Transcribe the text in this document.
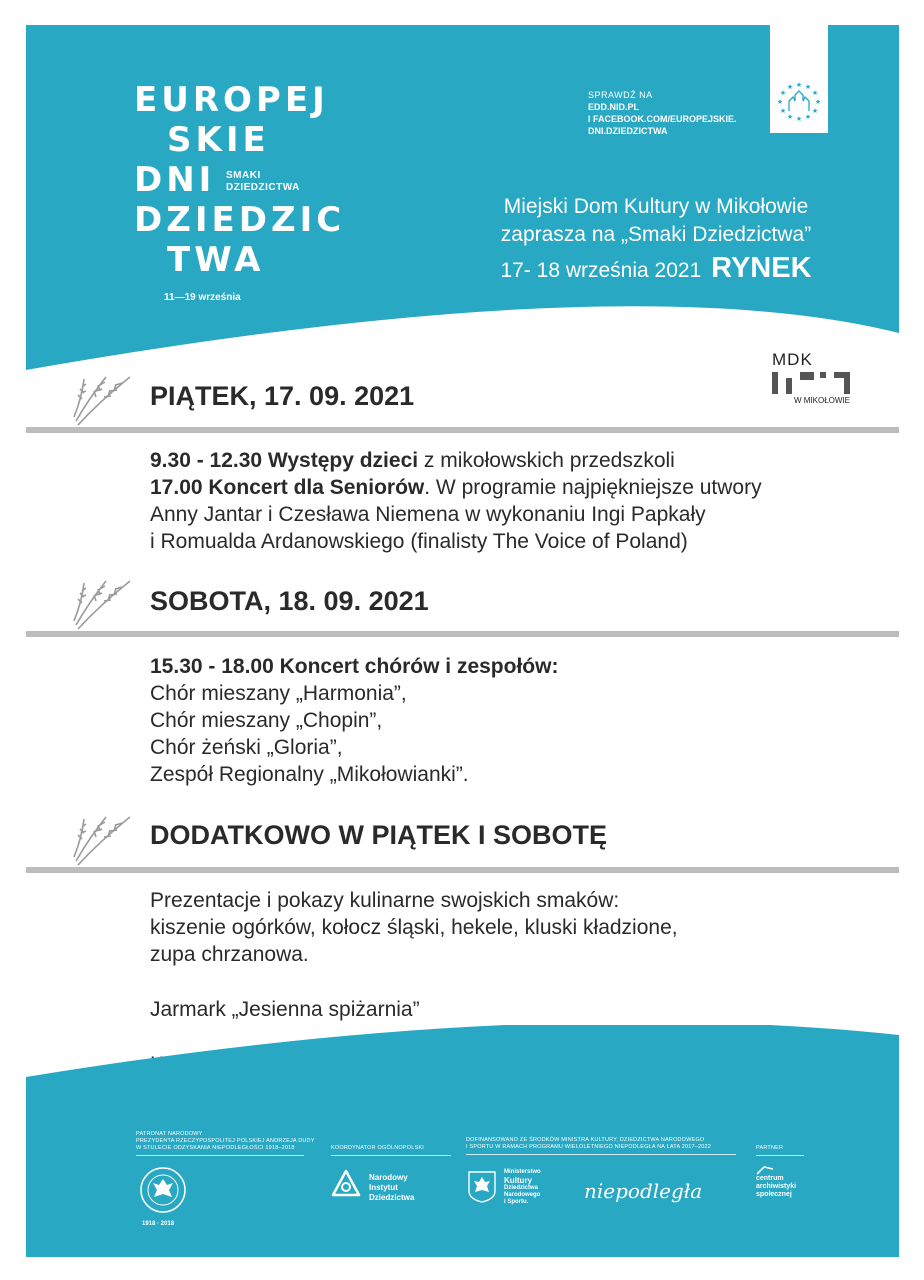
EUROPEJ
SKIE
DNI SMAKI
DZIEDZICTWA
DZIEDZIC
TWA
11—19 września
SPRAWDŹ NA
EDD.NID.PL
I FACEBOOK.COM/EUROPEJSKIE.
DNI.DZIEDZICTWA
★ ★
★
★
★
★
★
★
★
★
★
★
Miejski Dom Kultury w Mikołowie
zaprasza na „Smaki Dziedzictwa”
17- 18 września 2021 RYNEK
MDK
W MIKOŁOWIE
PIĄTEK, 17. 09. 2021

9.30 - 12.30 Występy dzieci z mikołowskich przedszkoli

17.00 Koncert dla Seniorów. W programie najpiękniejsze utwory

Anny Jantar i Czesława Niemena w wykonaniu Ingi Papkały

i Romualda Ardanowskiego (finalisty The Voice of Poland)

SOBOTA, 18. 09. 2021

15.30 - 18.00 Koncert chórów i zespołów:

Chór mieszany „Harmonia”,

Chór mieszany „Chopin”,

Chór żeński „Gloria”,

Zespół Regionalny „Mikołowianki”.

DODATKOWO W PIĄTEK I SOBOTĘ

Prezentacje i pokazy kulinarne swojskich smaków:

kiszenie ogórków, kołocz śląski, hekele, kluski kładzione,

zupa chrzanowa.

Jarmark „Jesienna spiżarnia”

PATRONAT NARODOWY
PREZYDENTA RZECZYPOSPOLITEJ POLSKIEJ ANDRZEJA DUDY
W STULECIE ODZYSKANIA NIEPODLEGŁOŚCI 1918–2018
1918 · 2018
KOORDYNATOR OGÓLNOPOLSKI
Narodowy
Instytut
Dziedzictwa
DOFINANSOWANO ZE ŚRODKÓW MINISTRA KULTURY, DZIEDZICTWA NARODOWEGO
I SPORTU W RAMACH PROGRAMU WIELOLETNIEGO NIEPODLEGŁA NA LATA 2017–2022
Ministerstwo
Kultury
Dziedzictwa
Narodowego
i Sportu.	niepodległa
PARTNER
centrum
archiwistyki
społecznej
